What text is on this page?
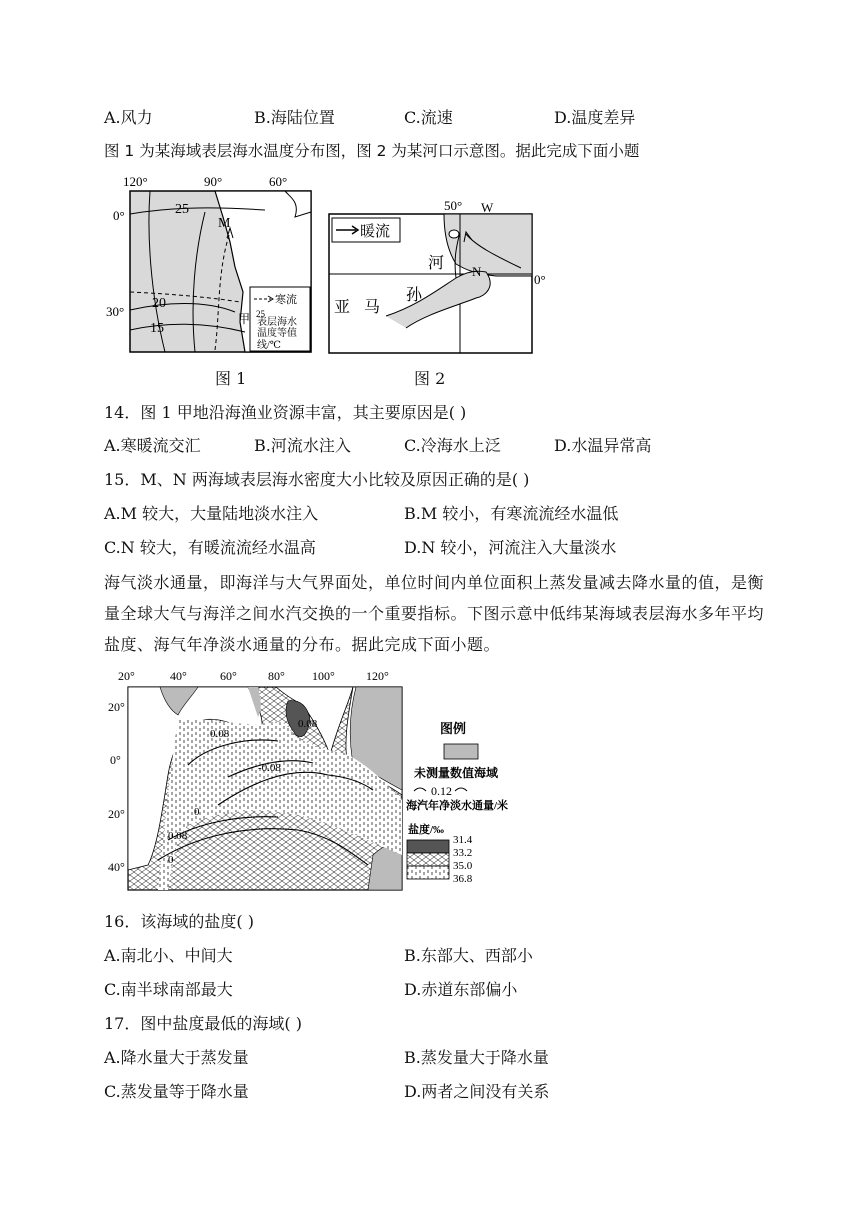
A.风力	B.海陆位置	C.流速	D.温度差异
图 1 为某海域表层海水温度分布图，图 2 为某河口示意图。据此完成下面小题
寒流
25
表层海水
温度等值
线/℃
120°	90°	60°
0°
30°
25
20
15
M
甲
图 1
暖流
50° W
0°
N
河
孙
亚 马
图 2
14．图 1 甲地沿海渔业资源丰富，其主要原因是( )
A.寒暖流交汇	B.河流水注入	C.冷海水上泛	D.水温异常高
15．M、N 两海域表层海水密度大小比较及原因正确的是( )
A.M 较大，大量陆地淡水注入	B.M 较小，有寒流流经水温低
C.N 较大，有暖流流经水温高	D.N 较小，河流注入大量淡水
海气淡水通量，即海洋与大气界面处，单位时间内单位面积上蒸发量减去降水量的值，是衡量全球大气与海洋之间水汽交换的一个重要指标。下图示意中低纬某海域表层海水多年平均盐度、海气年净淡水通量的分布。据此完成下面小题。
20°	40°	60°	80° 100°	120°
20°
0°
20°
40°
0.08
0.08
-0.08
0
0.08
0
图例
未测量数值海域
0.12
海汽年净淡水通量/米
盐度/‰
31.4
33.2
35.0
36.8
16．该海域的盐度( )
A.南北小、中间大	B.东部大、西部小
C.南半球南部最大	D.赤道东部偏小
17．图中盐度最低的海域( )
A.降水量大于蒸发量	B.蒸发量大于降水量
C.蒸发量等于降水量	D.两者之间没有关系
